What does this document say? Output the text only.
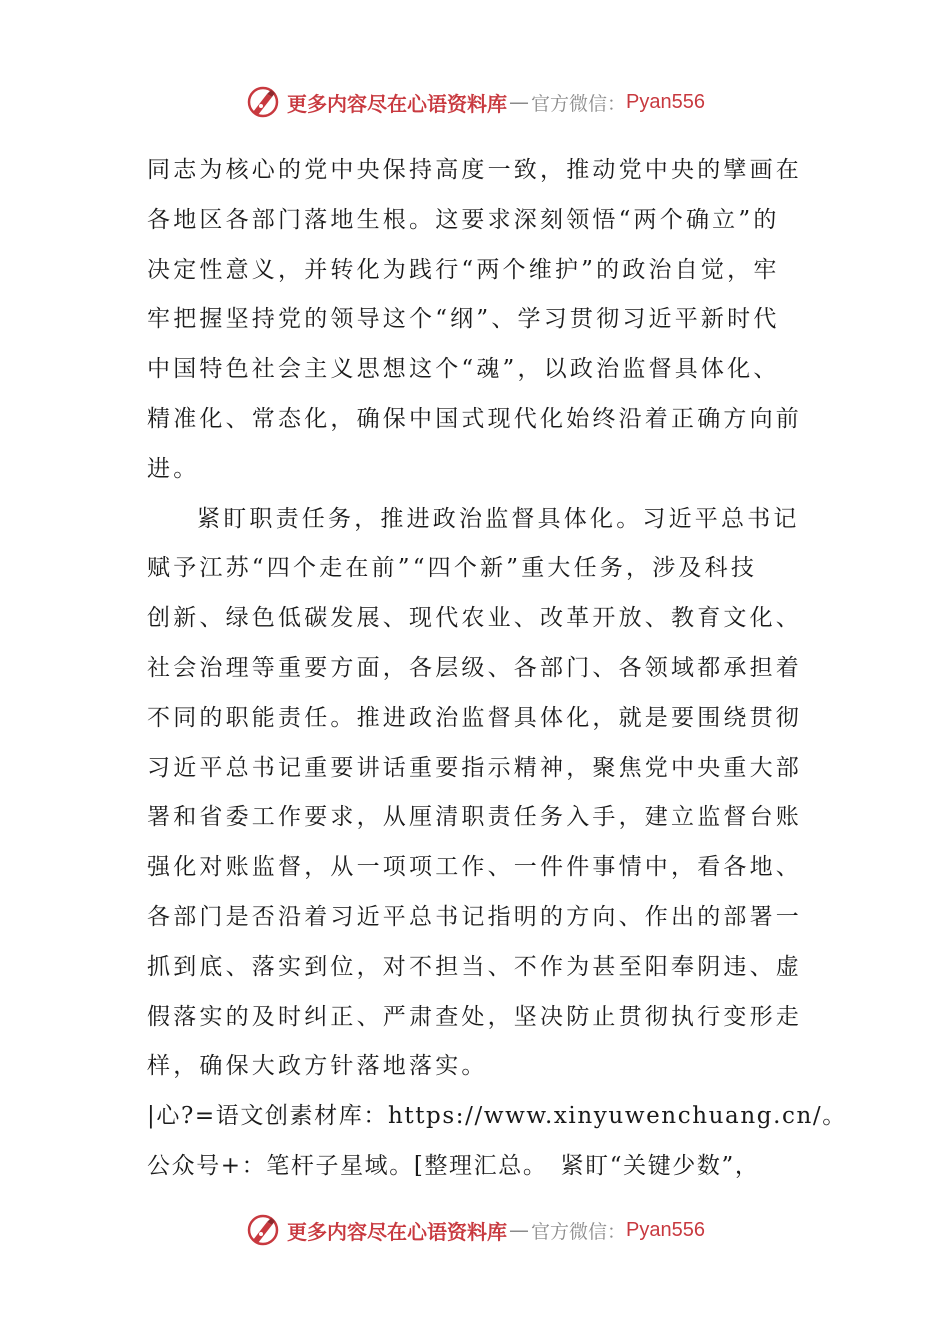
更多内容尽在心语资料库 — 官方微信： Pyan556
同志为核心的党中央保持高度一致，推动党中央的擘画在
各地区各部门落地生根。这要求深刻领悟“两个确立”的
决定性意义，并转化为践行“两个维护”的政治自觉，牢
牢把握坚持党的领导这个“纲”、学习贯彻习近平新时代
中国特色社会主义思想这个“魂”，以政治监督具体化、
精准化、常态化，确保中国式现代化始终沿着正确方向前
进。
紧盯职责任务，推进政治监督具体化。习近平总书记
赋予江苏“四个走在前”“四个新”重大任务，涉及科技
创新、绿色低碳发展、现代农业、改革开放、教育文化、
社会治理等重要方面，各层级、各部门、各领域都承担着
不同的职能责任。推进政治监督具体化，就是要围绕贯彻
习近平总书记重要讲话重要指示精神，聚焦党中央重大部
署和省委工作要求，从厘清职责任务入手，建立监督台账
强化对账监督，从一项项工作、一件件事情中，看各地、
各部门是否沿着习近平总书记指明的方向、作出的部署一
抓到底、落实到位，对不担当、不作为甚至阳奉阴违、虚
假落实的及时纠正、严肃查处，坚决防止贯彻执行变形走
样，确保大政方针落地落实。
|心?=语文创素材库：https://www.xinyuwenchuang.cn/。
公众号+：笔杆子星域。[整理汇总。　紧盯“关键少数”，
更多内容尽在心语资料库 — 官方微信： Pyan556
